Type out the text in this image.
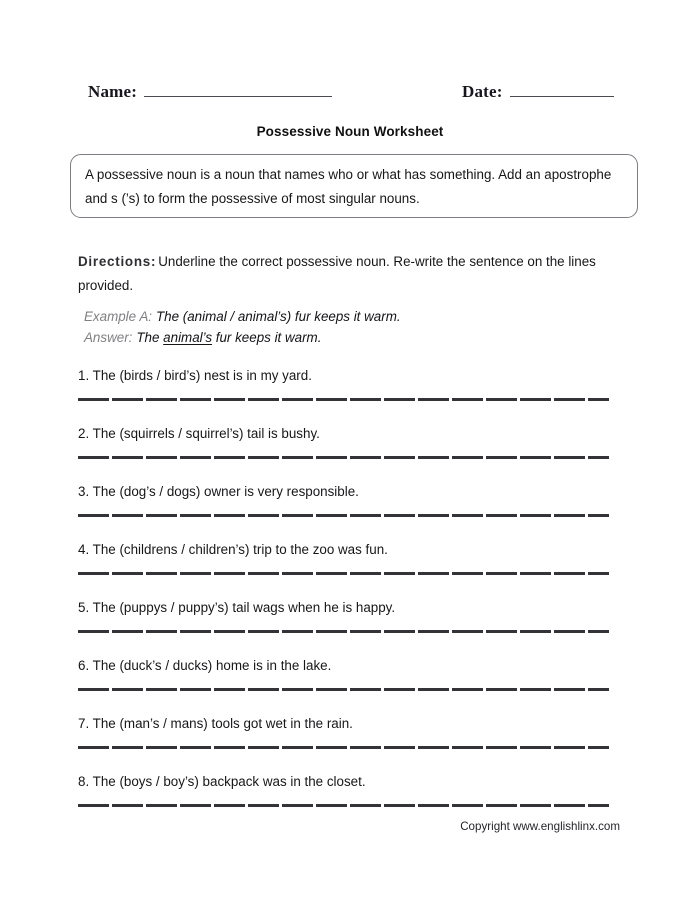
Name:	Date:
Possessive Noun Worksheet
A possessive noun is a noun that names who or what has something. Add an apostrophe and s (’s) to form the possessive of most singular nouns.
Directions: Underline the correct possessive noun. Re-write the sentence on the lines provided.
Example A: The (animal / animal’s) fur keeps it warm.
Answer: The animal’s fur keeps it warm.
1. The (birds / bird’s) nest is in my yard.
2. The (squirrels / squirrel’s) tail is bushy.
3. The (dog’s / dogs) owner is very responsible.
4. The (childrens / children’s) trip to the zoo was fun.
5. The (puppys / puppy’s) tail wags when he is happy.
6. The (duck’s / ducks) home is in the lake.
7. The (man’s / mans) tools got wet in the rain.
8. The (boys / boy’s) backpack was in the closet.
Copyright www.englishlinx.com
